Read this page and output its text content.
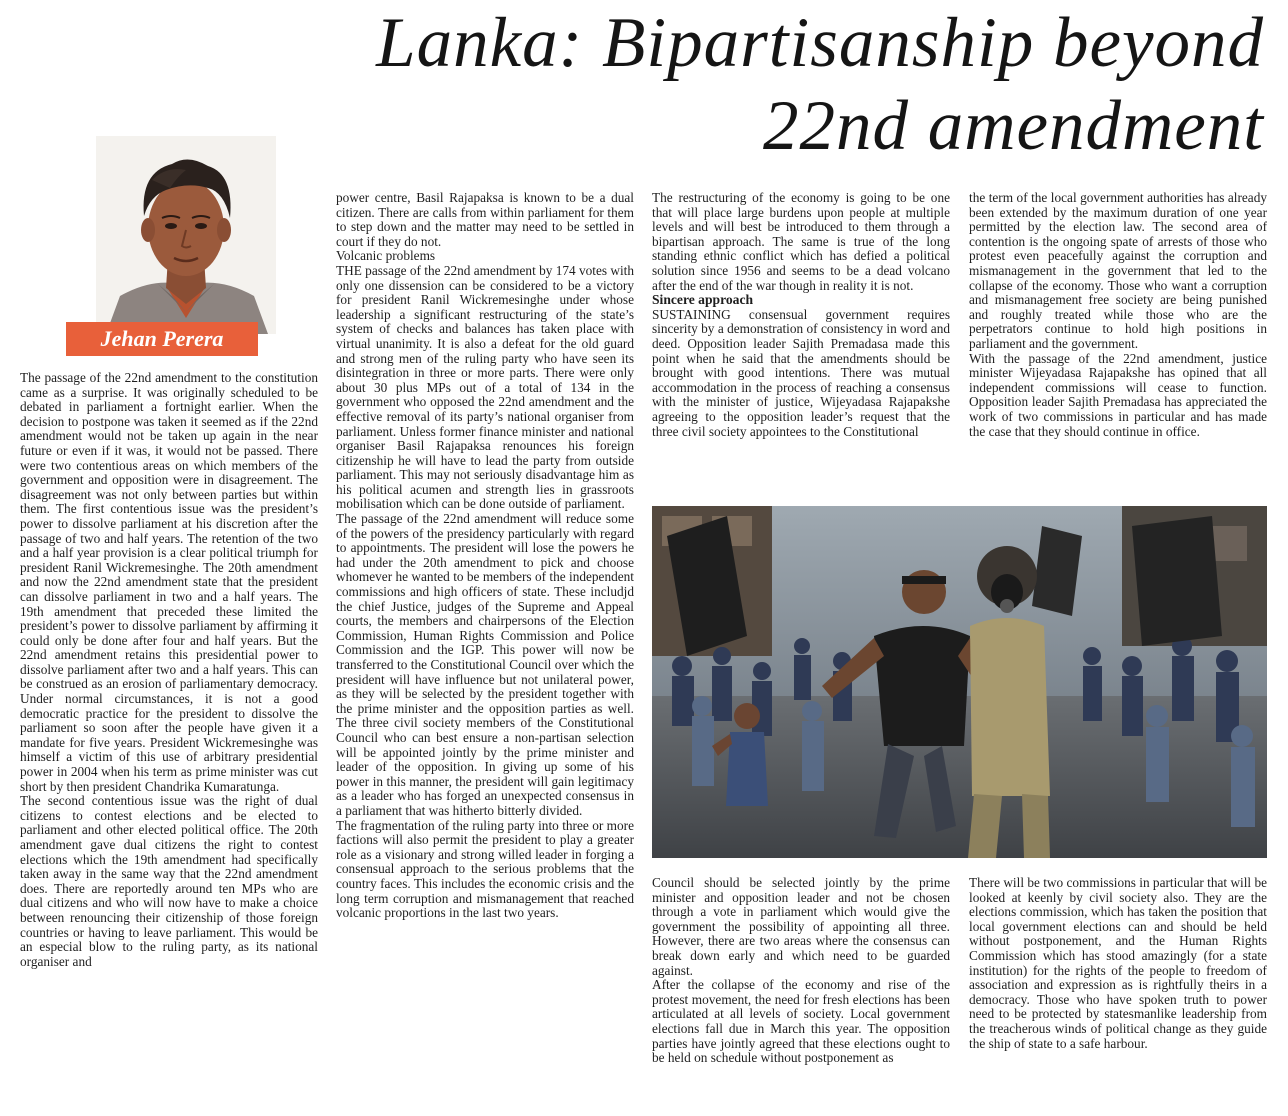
Lanka: Bipartisanship beyond
22nd amendment
Jehan Perera

The passage of the 22nd amendment to the constitution came as a surprise. It was originally scheduled to be debated in parliament a fortnight earlier. When the decision to postpone was taken it seemed as if the 22nd amendment would not be taken up again in the near future or even if it was, it would not be passed. There were two contentious areas on which members of the government and opposition were in disagreement. The disagreement was not only between parties but within them. The first contentious issue was the president’s power to dissolve parliament at his discretion after the passage of two and half years. The retention of the two and a half year provision is a clear political triumph for president Ranil Wickremesinghe. The 20th amendment and now the 22nd amendment state that the president can dissolve parliament in two and a half years. The 19th amendment that preceded these limited the president’s power to dissolve parliament by affirming it could only be done after four and half years. But the 22nd amendment retains this presidential power to dissolve parliament after two and a half years. This can be construed as an erosion of parliamentary democracy. Under normal circumstances, it is not a good democratic practice for the president to dissolve the parliament so soon after the people have given it a mandate for five years. President Wickremesinghe was himself a victim of this use of arbitrary presidential power in 2004 when his term as prime minister was cut short by then president Chandrika Kumaratunga.

The second contentious issue was the right of dual citizens to contest elections and be elected to parliament and other elected political office. The 20th amendment gave dual citizens the right to contest elections which the 19th amendment had specifically taken away in the same way that the 22nd amendment does. There are reportedly around ten MPs who are dual citizens and who will now have to make a choice between renouncing their citizenship of those foreign countries or having to leave parliament. This would be an especial blow to the ruling party, as its national organiser and

power centre, Basil Rajapaksa is known to be a dual citizen. There are calls from within parliament for them to step down and the matter may need to be settled in court if they do not.

Volcanic problems

THE passage of the 22nd amendment by 174 votes with only one dissension can be considered to be a victory for president Ranil Wickremesinghe under whose leadership a significant restructuring of the state’s system of checks and balances has taken place with virtual unanimity. It is also a defeat for the old guard and strong men of the ruling party who have seen its disintegration in three or more parts. There were only about 30 plus MPs out of a total of 134 in the government who opposed the 22nd amendment and the effective removal of its party’s national organiser from parliament. Unless former finance minister and national organiser Basil Rajapaksa renounces his foreign citizenship he will have to lead the party from outside parliament. This may not seriously disadvantage him as his political acumen and strength lies in grassroots mobilisation which can be done outside of parliament.

The passage of the 22nd amendment will reduce some of the powers of the presidency particularly with regard to appointments. The president will lose the powers he had under the 20th amendment to pick and choose whomever he wanted to be members of the independent commissions and high officers of state. These includjd the chief Justice, judges of the Supreme and Appeal courts, the members and chairpersons of the Election Commission, Human Rights Commission and Police Commission and the IGP. This power will now be transferred to the Constitutional Council over which the president will have influence but not unilateral power, as they will be selected by the president together with the prime minister and the opposition parties as well. The three civil society members of the Constitutional Council who can best ensure a non-partisan selection will be appointed jointly by the prime minister and leader of the opposition. In giving up some of his power in this manner, the president will gain legitimacy as a leader who has forged an unexpected consensus in a parliament that was hitherto bitterly divided.

The fragmentation of the ruling party into three or more factions will also permit the president to play a greater role as a visionary and strong willed leader in forging a consensual approach to the serious problems that the country faces. This includes the economic crisis and the long term corruption and mismanagement that reached volcanic proportions in the last two years.

The restructuring of the economy is going to be one that will place large burdens upon people at multiple levels and will best be introduced to them through a bipartisan approach. The same is true of the long standing ethnic conflict which has defied a political solution since 1956 and seems to be a dead volcano after the end of the war though in reality it is not.

Sincere approach

SUSTAINING consensual government requires sincerity by a demonstration of consistency in word and deed. Opposition leader Sajith Premadasa made this point when he said that the amendments should be brought with good intentions. There was mutual accommodation in the process of reaching a consensus with the minister of justice, Wijeyadasa Rajapakshe agreeing to the opposition leader’s request that the three civil society appointees to the Constitutional

the term of the local government authorities has already been extended by the maximum duration of one year permitted by the election law. The second area of contention is the ongoing spate of arrests of those who protest even peacefully against the corruption and mismanagement in the government that led to the collapse of the economy. Those who want a corruption and mismanagement free society are being punished and roughly treated while those who are the perpetrators continue to hold high positions in parliament and the government.

With the passage of the 22nd amendment, justice minister Wijeyadasa Rajapakshe has opined that all independent commissions will cease to function. Opposition leader Sajith Premadasa has appreciated the work of two commissions in particular and has made the case that they should continue in office.

Council should be selected jointly by the prime minister and opposition leader and not be chosen through a vote in parliament which would give the government the possibility of appointing all three. However, there are two areas where the consensus can break down early and which need to be guarded against.

After the collapse of the economy and rise of the protest movement, the need for fresh elections has been articulated at all levels of society. Local government elections fall due in March this year. The opposition parties have jointly agreed that these elections ought to be held on schedule without postponement as

There will be two commissions in particular that will be looked at keenly by civil society also. They are the elections commission, which has taken the position that local government elections can and should be held without postponement, and the Human Rights Commission which has stood amazingly (for a state institution) for the rights of the people to freedom of association and expression as is rightfully theirs in a democracy. Those who have spoken truth to power need to be protected by statesmanlike leadership from the treacherous winds of political change as they guide the ship of state to a safe harbour.
